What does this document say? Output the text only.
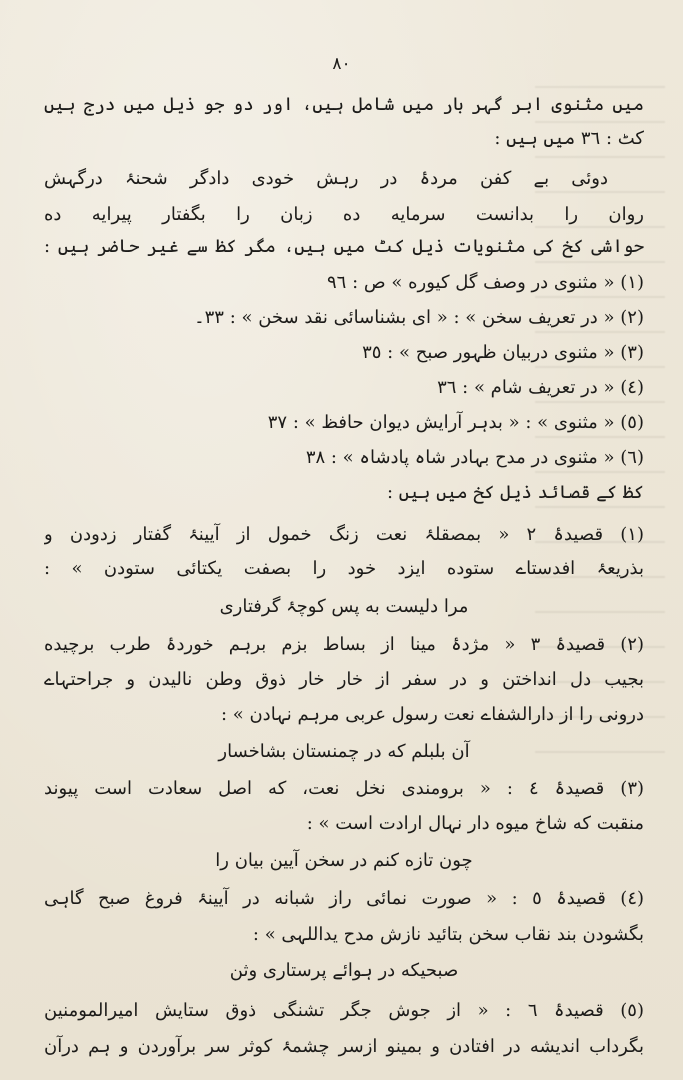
٨٠
میں مثنوی ابر گہر بار میں شامل ہیں، اور دو جو ذیل میں درج ہیں
کٹ : ٣٦ میں ہیں :
دوئی بے کفن مردۂ در رہش خودی دادگر شحنۂ درگہش
روان را بدانست سرمایه ده زبان را بگفتار پیرایه ده
حواشی کخ کی مثنویات ذیل کٹ میں ہیں، مگر کظ سے غیر حاضر ہیں :
(١) « مثنوی در وصف گل کیوره » ص : ٩٦
(٢) « در تعریف سخن » : « ای بشناسائی نقد سخن » : ٣٣۔
(٣) « مثنوی دربیان ظہور صبح » : ٣٥
(٤) « در تعریف شام » : ٣٦
(٥) « مثنوی » : « بدہر آرایش دیوان حافظ » : ٣٧
(٦) « مثنوی در مدح بہادر شاہ پادشاہ » : ٣٨
کظ کے قصائد ذیل کخ میں ہیں :
(١) قصیدۂ ٢ « بمصقلۂ نعت زنگ خمول از آیینۂ گفتار زدودن و
بذریعۂ افدستاے ستوده ایزد خود را بصفت یکتائی ستودن » :
مرا دلیست به پس کوچۂ گرفتاری
(٢) قصیدۂ ٣ « مژدۂ مینا از بساط بزم برہم خوردۂ طرب برچیده
بجیب دل انداختن و در سفر از خار خار ذوق وطن نالیدن و جراحتہاے
درونی را از دارالشفاے نعت رسول عربی مرہم نہادن » :
آن بلبلم که در چمنستان بشاخسار
(٣) قصیدۂ ٤ : « برومندی نخل نعت، که اصل سعادت است پیوند
منقبت که شاخ میوه دار نہال ارادت است » :
چون تازه کنم در سخن آیین بیان را
(٤) قصیدۂ ٥ : « صورت نمائی راز شبانه در آیینۂ فروغ صبح گاہی
بگشودن بند نقاب سخن بتائید نازش مدح یداللہی » :
صبحیکه در ہوائے پرستاری وثن
(٥) قصیدۂ ٦ : « از جوش جگر تشنگی ذوق ستایش امیرالمومنین
بگرداب اندیشه در افتادن و بمینو ازسر چشمۂ کوثر سر برآوردن و ہم درآن
